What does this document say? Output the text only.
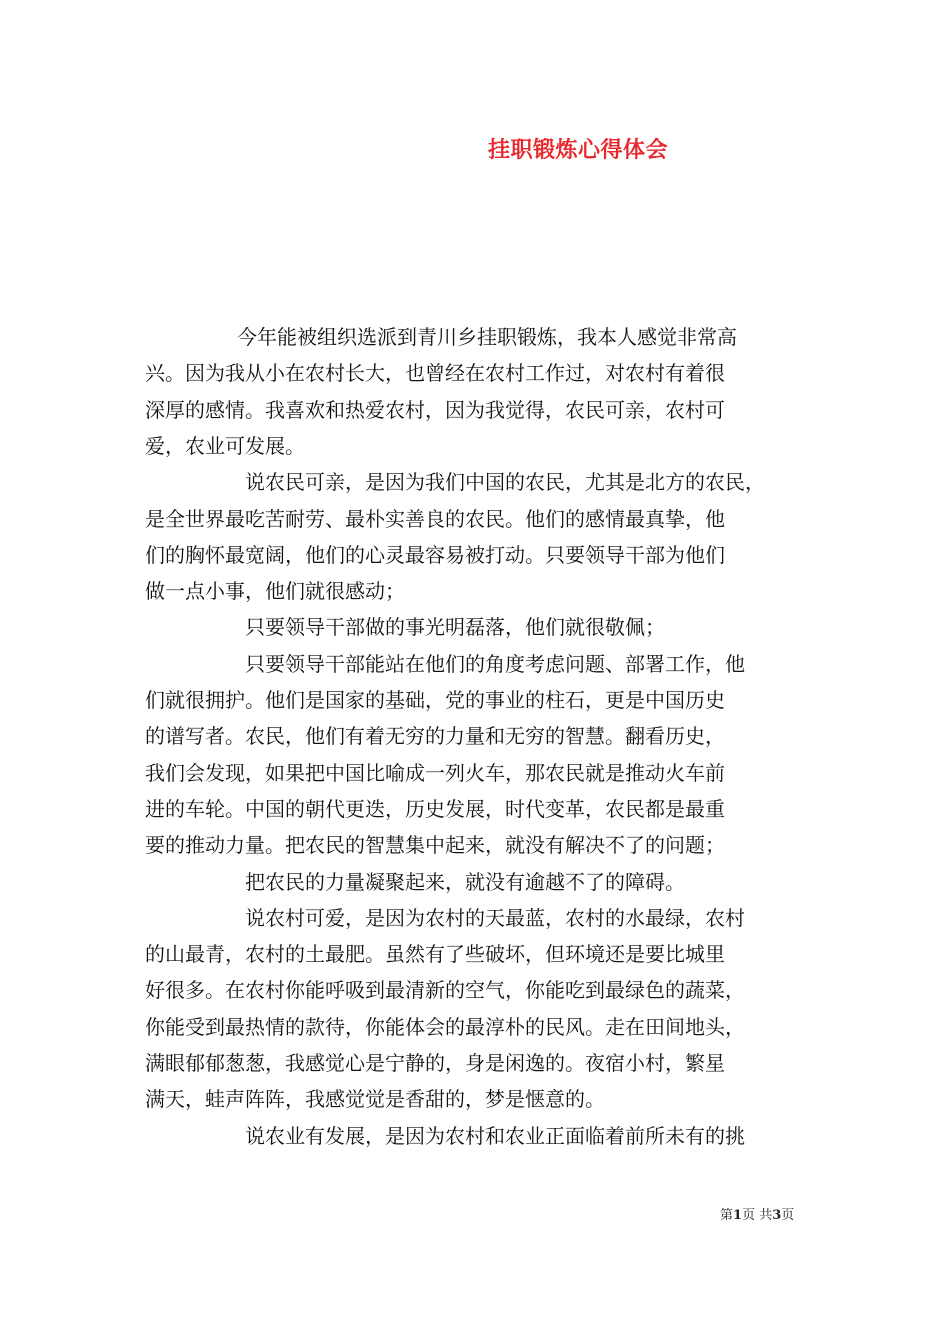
挂职锻炼心得体会
今年能被组织选派到青川乡挂职锻炼，我本人感觉非常高
兴。因为我从小在农村长大，也曾经在农村工作过，对农村有着很
深厚的感情。我喜欢和热爱农村，因为我觉得，农民可亲，农村可
爱，农业可发展。
说农民可亲，是因为我们中国的农民，尤其是北方的农民，
是全世界最吃苦耐劳、最朴实善良的农民。他们的感情最真挚，他
们的胸怀最宽阔，他们的心灵最容易被打动。只要领导干部为他们
做一点小事，他们就很感动；
只要领导干部做的事光明磊落，他们就很敬佩；
只要领导干部能站在他们的角度考虑问题、部署工作，他
们就很拥护。他们是国家的基础，党的事业的柱石，更是中国历史
的谱写者。农民，他们有着无穷的力量和无穷的智慧。翻看历史，
我们会发现，如果把中国比喻成一列火车，那农民就是推动火车前
进的车轮。中国的朝代更迭，历史发展，时代变革，农民都是最重
要的推动力量。把农民的智慧集中起来，就没有解决不了的问题；
把农民的力量凝聚起来，就没有逾越不了的障碍。
说农村可爱，是因为农村的天最蓝，农村的水最绿，农村
的山最青，农村的土最肥。虽然有了些破坏，但环境还是要比城里
好很多。在农村你能呼吸到最清新的空气，你能吃到最绿色的蔬菜，
你能受到最热情的款待，你能体会的最淳朴的民风。走在田间地头，
满眼郁郁葱葱，我感觉心是宁静的，身是闲逸的。夜宿小村，繁星
满天，蛙声阵阵，我感觉觉是香甜的，梦是惬意的。
说农业有发展，是因为农村和农业正面临着前所未有的挑
第1页 共3页
